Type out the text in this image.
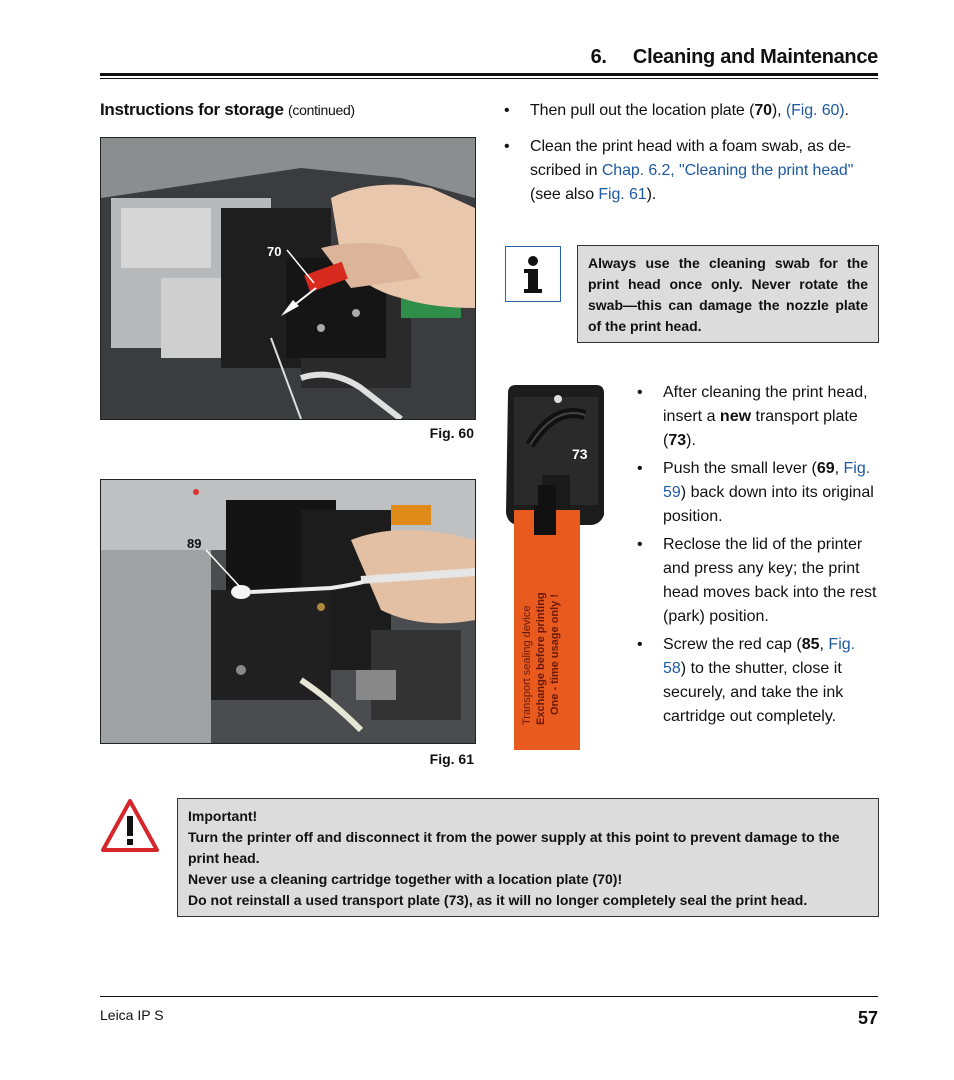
6.     Cleaning and Maintenance
Instructions for storage (continued)
70
Fig. 60
89
Fig. 61
• Then pull out the location plate (70), (Fig. 60).
• Clean the print head with a foam swab, as de-scribed in Chap. 6.2, "Cleaning the print head" (see also Fig. 61).
Always use the cleaning swab for the print head once only. Never rotate the swab—this can damage the nozzle plate of the print head.
73
Transport sealing device Exchange before printing One - time usage only !
• After cleaning the print head, insert a new transport plate (73).
• Push the small lever (69, Fig. 59) back down into its original position.
• Reclose the lid of the printer and press any key; the print head moves back into the rest (park) position.
• Screw the red cap (85, Fig. 58) to the shutter, close it securely, and take the ink cartridge out completely.
Important!
Turn the printer off and disconnect it from the power supply at this point to prevent damage to the print head.
Never use a cleaning cartridge together with a location plate (70)!
Do not reinstall a used transport plate (73), as it will no longer completely seal the print head.
Leica IP S	57
